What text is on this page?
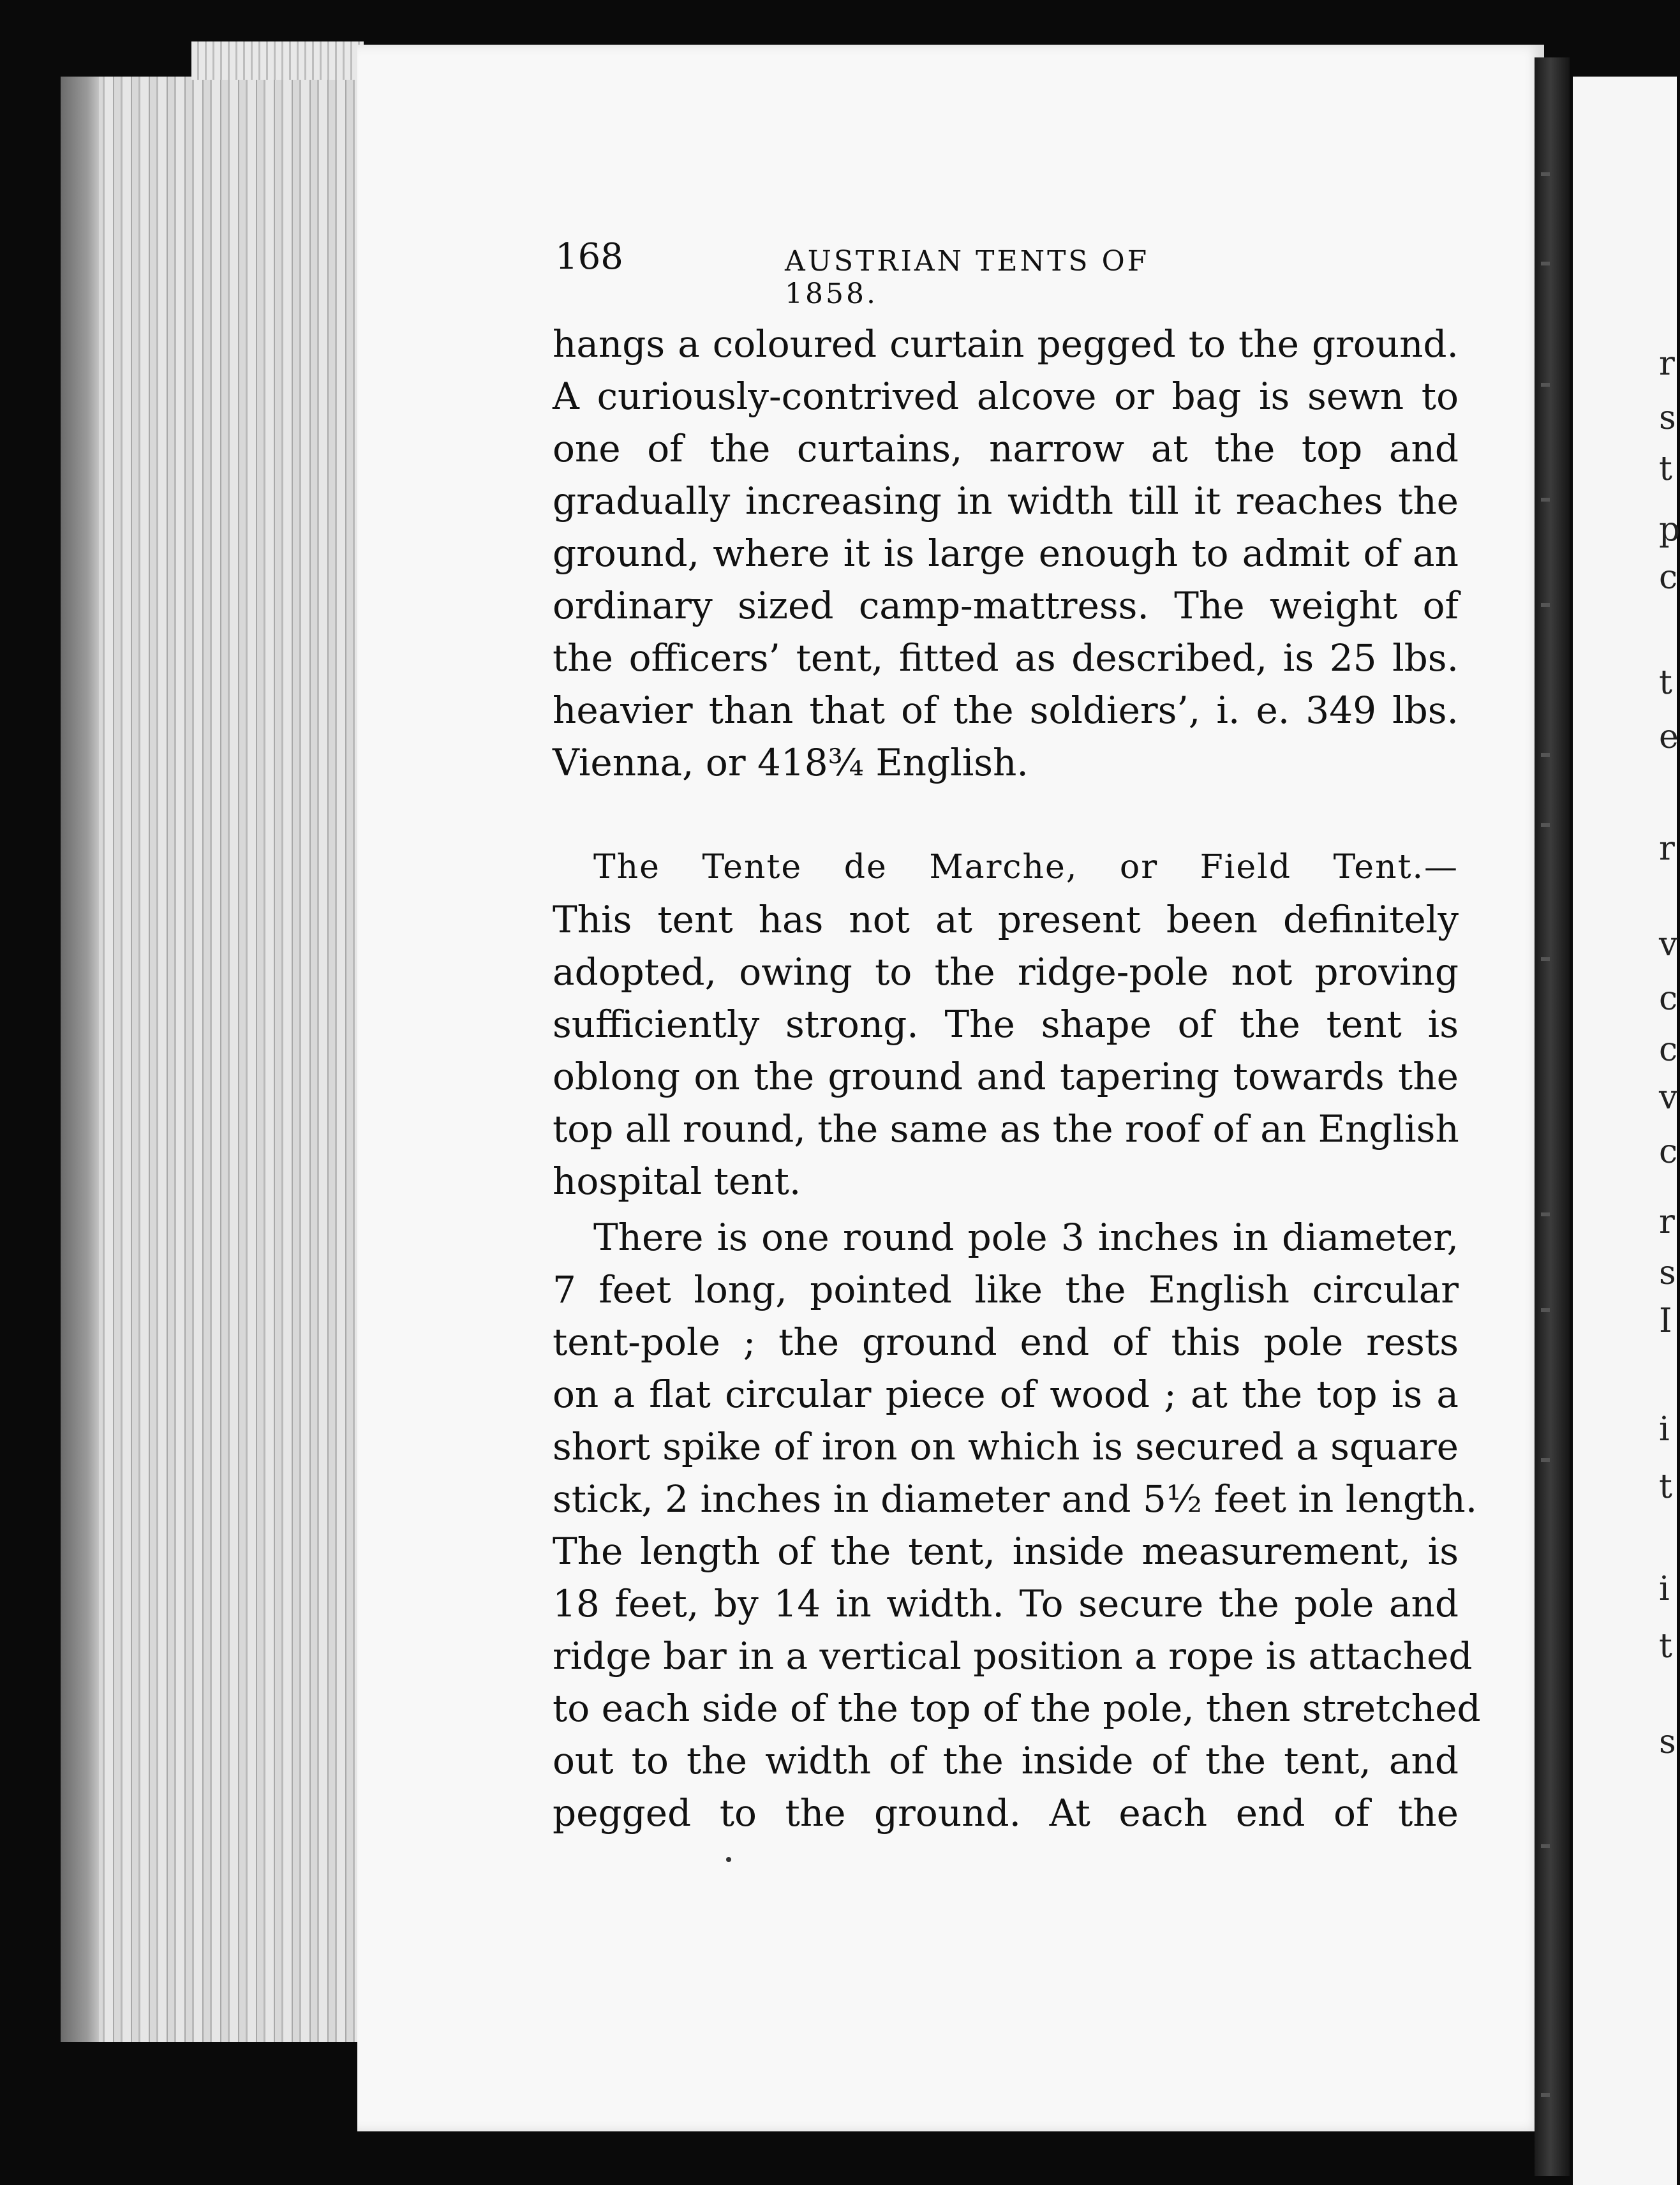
168	AUSTRIAN TENTS OF 1858.
hangs a coloured curtain pegged to the ground.
A curiously-contrived alcove or bag is sewn to
one of the curtains, narrow at the top and
gradually increasing in width till it reaches the
ground, where it is large enough to admit of an
ordinary sized camp-mattress. The weight of
the officers’ tent, fitted as described, is 25 lbs.
heavier than that of the soldiers’, i. e. 349 lbs.
Vienna, or 418¾ English.
The Tente de Marche, or Field Tent.—
This tent has not at present been definitely
adopted, owing to the ridge-pole not proving
sufficiently strong. The shape of the tent is
oblong on the ground and tapering towards the
top all round, the same as the roof of an English
hospital tent.
There is one round pole 3 inches in diameter,
7 feet long, pointed like the English circular
tent-pole ; the ground end of this pole rests
on a flat circular piece of wood ; at the top is a
short spike of iron on which is secured a square
stick, 2 inches in diameter and 5½ feet in length.
The length of the tent, inside measurement, is
18 feet, by 14 in width. To secure the pole and
ridge bar in a vertical position a rope is attached
to each side of the top of the pole, then stretched
out to the width of the inside of the tent, and
pegged to the ground. At each end of the
r
s
t
p
c
t
e
r
v
c
c
v
c
r
s
I
i
t
i
t
s
